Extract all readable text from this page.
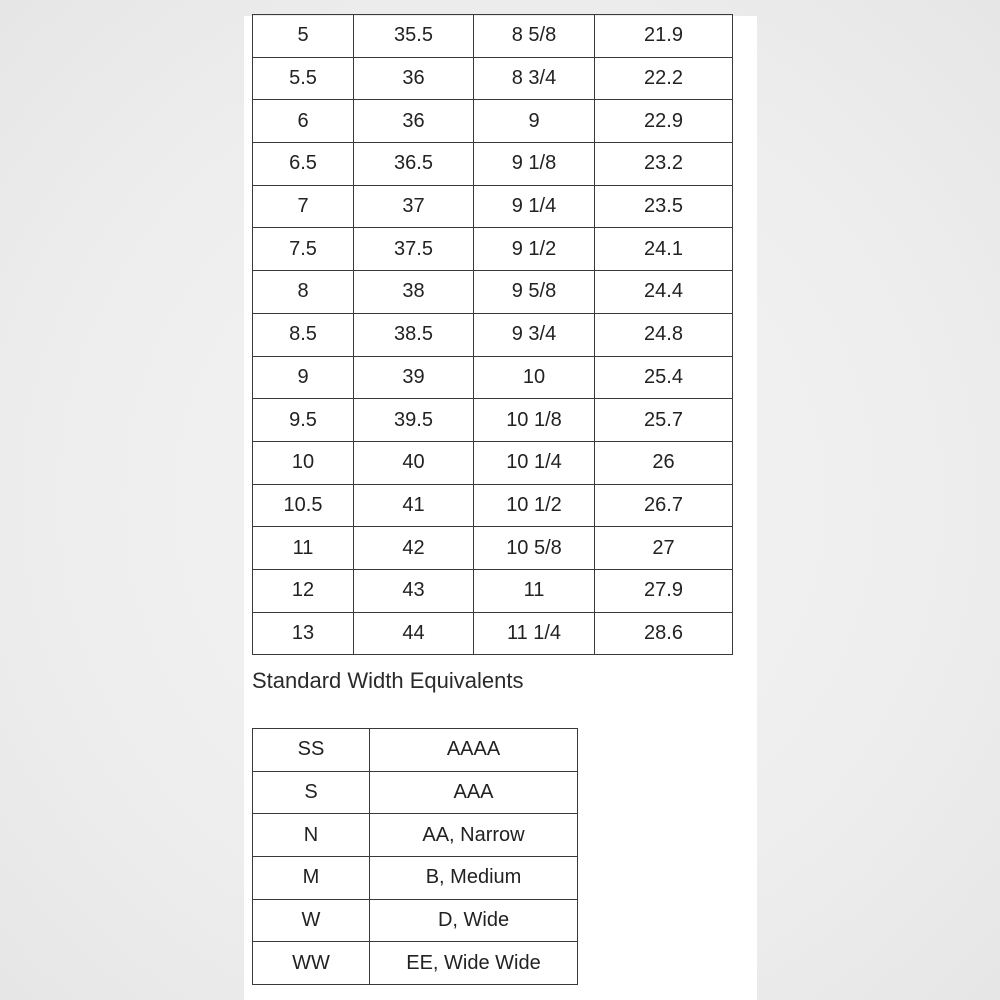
5	35.5	8 5/8	21.9
5.5	36	8 3/4	22.2
6	36	9	22.9
6.5	36.5	9 1/8	23.2
7	37	9 1/4	23.5
7.5	37.5	9 1/2	24.1
8	38	9 5/8	24.4
8.5	38.5	9 3/4	24.8
9	39	10	25.4
9.5	39.5	10 1/8	25.7
10	40	10 1/4	26
10.5	41	10 1/2	26.7
11	42	10 5/8	27
12	43	11	27.9
13	44	11 1/4	28.6
Standard Width Equivalents
SS	AAAA
S	AAA
N	AA, Narrow
M	B, Medium
W	D, Wide
WW	EE, Wide Wide
